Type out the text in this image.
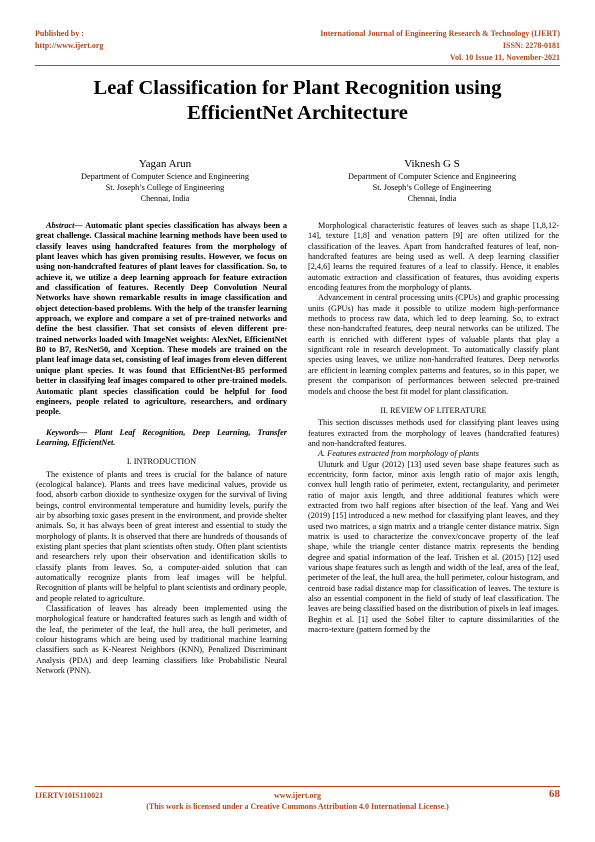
Published by :
http://www.ijert.org
International Journal of Engineering Research & Technology (IJERT)
ISSN: 2278-0181
Vol. 10 Issue 11, November-2021
Leaf Classification for Plant Recognition using EfficientNet Architecture
Yagan Arun
Department of Computer Science and Engineering
St. Joseph’s College of Engineering
Chennai, India
Viknesh G S
Department of Computer Science and Engineering
St. Joseph’s College of Engineering
Chennai, India

Abstract— Automatic plant species classification has always been a great challenge. Classical machine learning methods have been used to classify leaves using handcrafted features from the morphology of plant leaves which has given promising results. However, we focus on using non-handcrafted features of plant leaves for classification. So, to achieve it, we utilize a deep learning approach for feature extraction and classification of features. Recently Deep Convolution Neural Networks have shown remarkable results in image classification and object detection-based problems. With the help of the transfer learning approach, we explore and compare a set of pre-trained networks and define the best classifier. That set consists of eleven different pre-trained networks loaded with ImageNet weights: AlexNet, EfficientNet B0 to B7, ResNet50, and Xception. These models are trained on the plant leaf image data set, consisting of leaf images from eleven different unique plant species. It was found that EfficientNet-B5 performed better in classifying leaf images compared to other pre-trained models. Automatic plant species classification could be helpful for food engineers, people related to agriculture, researchers, and ordinary people.

Keywords— Plant Leaf Recognition, Deep Learning, Transfer Learning, EfficientNet.

I. INTRODUCTION

The existence of plants and trees is crucial for the balance of nature (ecological balance). Plants and trees have medicinal values, provide us food, absorb carbon dioxide to synthesize oxygen for the survival of living beings, control environmental temperature and humidity levels, purify the air by absorbing toxic gases present in the environment, and provide shelter animals. So, it has always been of great interest and essential to study the morphology of plants. It is observed that there are hundreds of thousands of existing plant species that plant scientists often study. Often plant scientists and researchers rely upon their observation and identification skills to classify plants from leaves. So, a computer-aided solution that can automatically recognize plants from leaf images will be helpful. Recognition of plants will be helpful to plant scientists and ordinary people, and people related to agriculture.

Classification of leaves has already been implemented using the morphological feature or handcrafted features such as length and width of the leaf, the perimeter of the leaf, the hull area, the hull perimeter, and colour histograms which are being used by traditional machine learning classifiers such as K-Nearest Neighbors (KNN), Penalized Discriminant Analysis (PDA) and deep learning classifiers like Probabilistic Neural Network (PNN).

Morphological characteristic features of leaves such as shape [1,8,12-14], texture [1,8] and venation pattern [9] are often utilized for the classification of the leaves. Apart from handcrafted features of leaf, non-handcrafted features are being used as well. A deep learning classifier [2,4,6] learns the required features of a leaf to classify. Hence, it enables automatic extraction and classification of features, thus avoiding experts encoding features from the morphology of plants.

Advancement in central processing units (CPUs) and graphic processing units (GPUs) has made it possible to utilize modern high-performance methods to process raw data, which led to deep learning. So, to extract these non-handcrafted features, deep neural networks can be utilized. The earth is enriched with different types of valuable plants that play a significant role in research development. To automatically classify plant species using leaves, we utilize non-handcrafted features. Deep networks are efficient in learning complex patterns and features, so in this paper, we present the comparison of performances between selected pre-trained models and choose the best fit model for plant classification.

II. REVIEW OF LITERATURE

This section discusses methods used for classifying plant leaves using features extracted from the morphology of leaves (handcrafted features) and non-handcrafted features.

A. Features extracted from morphology of plants

Uluturk and Ugur (2012) [13] used seven base shape features such as eccentricity, form factor, minor axis length ratio of major axis length, convex hull length ratio of perimeter, extent, rectangularity, and perimeter ratio of major axis length, and three additional features which were extracted from two half regions after bisection of the leaf. Yang and Wei (2019) [15] introduced a new method for classifying plant leaves, and they used two matrices, a sign matrix and a triangle center distance matrix. Sign matrix is used to characterize the convex/concave property of the leaf shape, while the triangle center distance matrix represents the bending degree and spatial information of the leaf. Trishen et al. (2015) [12] used various shape features such as length and width of the leaf, area of the leaf, perimeter of the leaf, the hull area, the hull perimeter, colour histogram, and centroid base radial distance map for classification of leaves. The texture is also an essential component in the field of study of leaf classification. The leaves are being classified based on the distribution of pixels in leaf images. Beghin et al. [1] used the Sobel filter to capture dissimilarities of the macro-texture (pattern formed by the

IJERTV10IS110021	www.ijert.org
(This work is licensed under a Creative Commons Attribution 4.0 International License.)
68
